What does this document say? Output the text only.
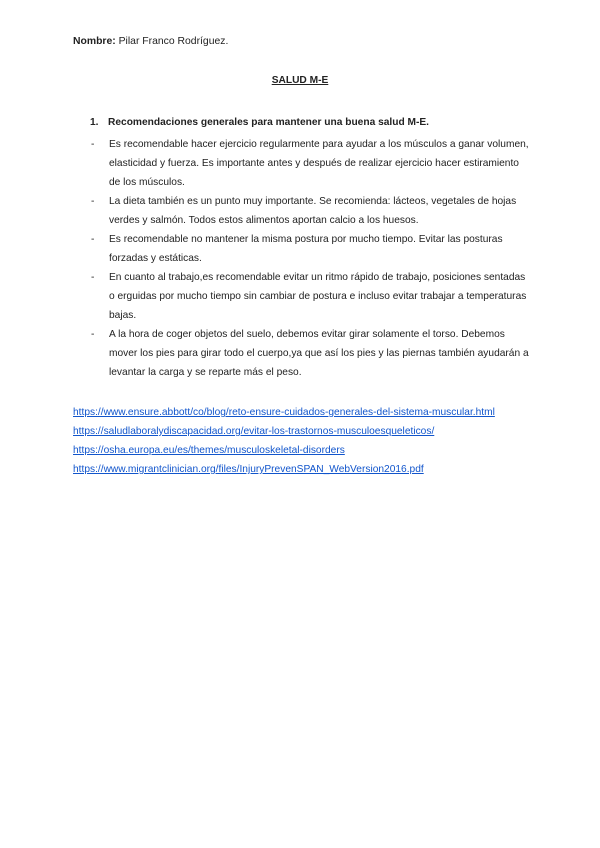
Nombre: Pilar Franco Rodríguez.
SALUD M-E
1. Recomendaciones generales para mantener una buena salud M-E.
- Es recomendable hacer ejercicio regularmente para ayudar a los músculos a ganar volumen, elasticidad y fuerza. Es importante antes y después de realizar ejercicio hacer estiramiento de los músculos.
- La dieta también es un punto muy importante. Se recomienda: lácteos, vegetales de hojas verdes y salmón. Todos estos alimentos aportan calcio a los huesos.
- Es recomendable no mantener la misma postura por mucho tiempo. Evitar las posturas forzadas y estáticas.
- En cuanto al trabajo,es recomendable evitar un ritmo rápido de trabajo, posiciones sentadas o erguidas por mucho tiempo sin cambiar de postura e incluso evitar trabajar a temperaturas bajas.
- A la hora de coger objetos del suelo, debemos evitar girar solamente el torso. Debemos mover los pies para girar todo el cuerpo,ya que así los pies y las piernas también ayudarán a levantar la carga y se reparte más el peso.
https://www.ensure.abbott/co/blog/reto-ensure-cuidados-generales-del-sistema-muscular.html
https://saludlaboralydiscapacidad.org/evitar-los-trastornos-musculoesqueleticos/
https://osha.europa.eu/es/themes/musculoskeletal-disorders
https://www.migrantclinician.org/files/InjuryPrevenSPAN_WebVersion2016.pdf
